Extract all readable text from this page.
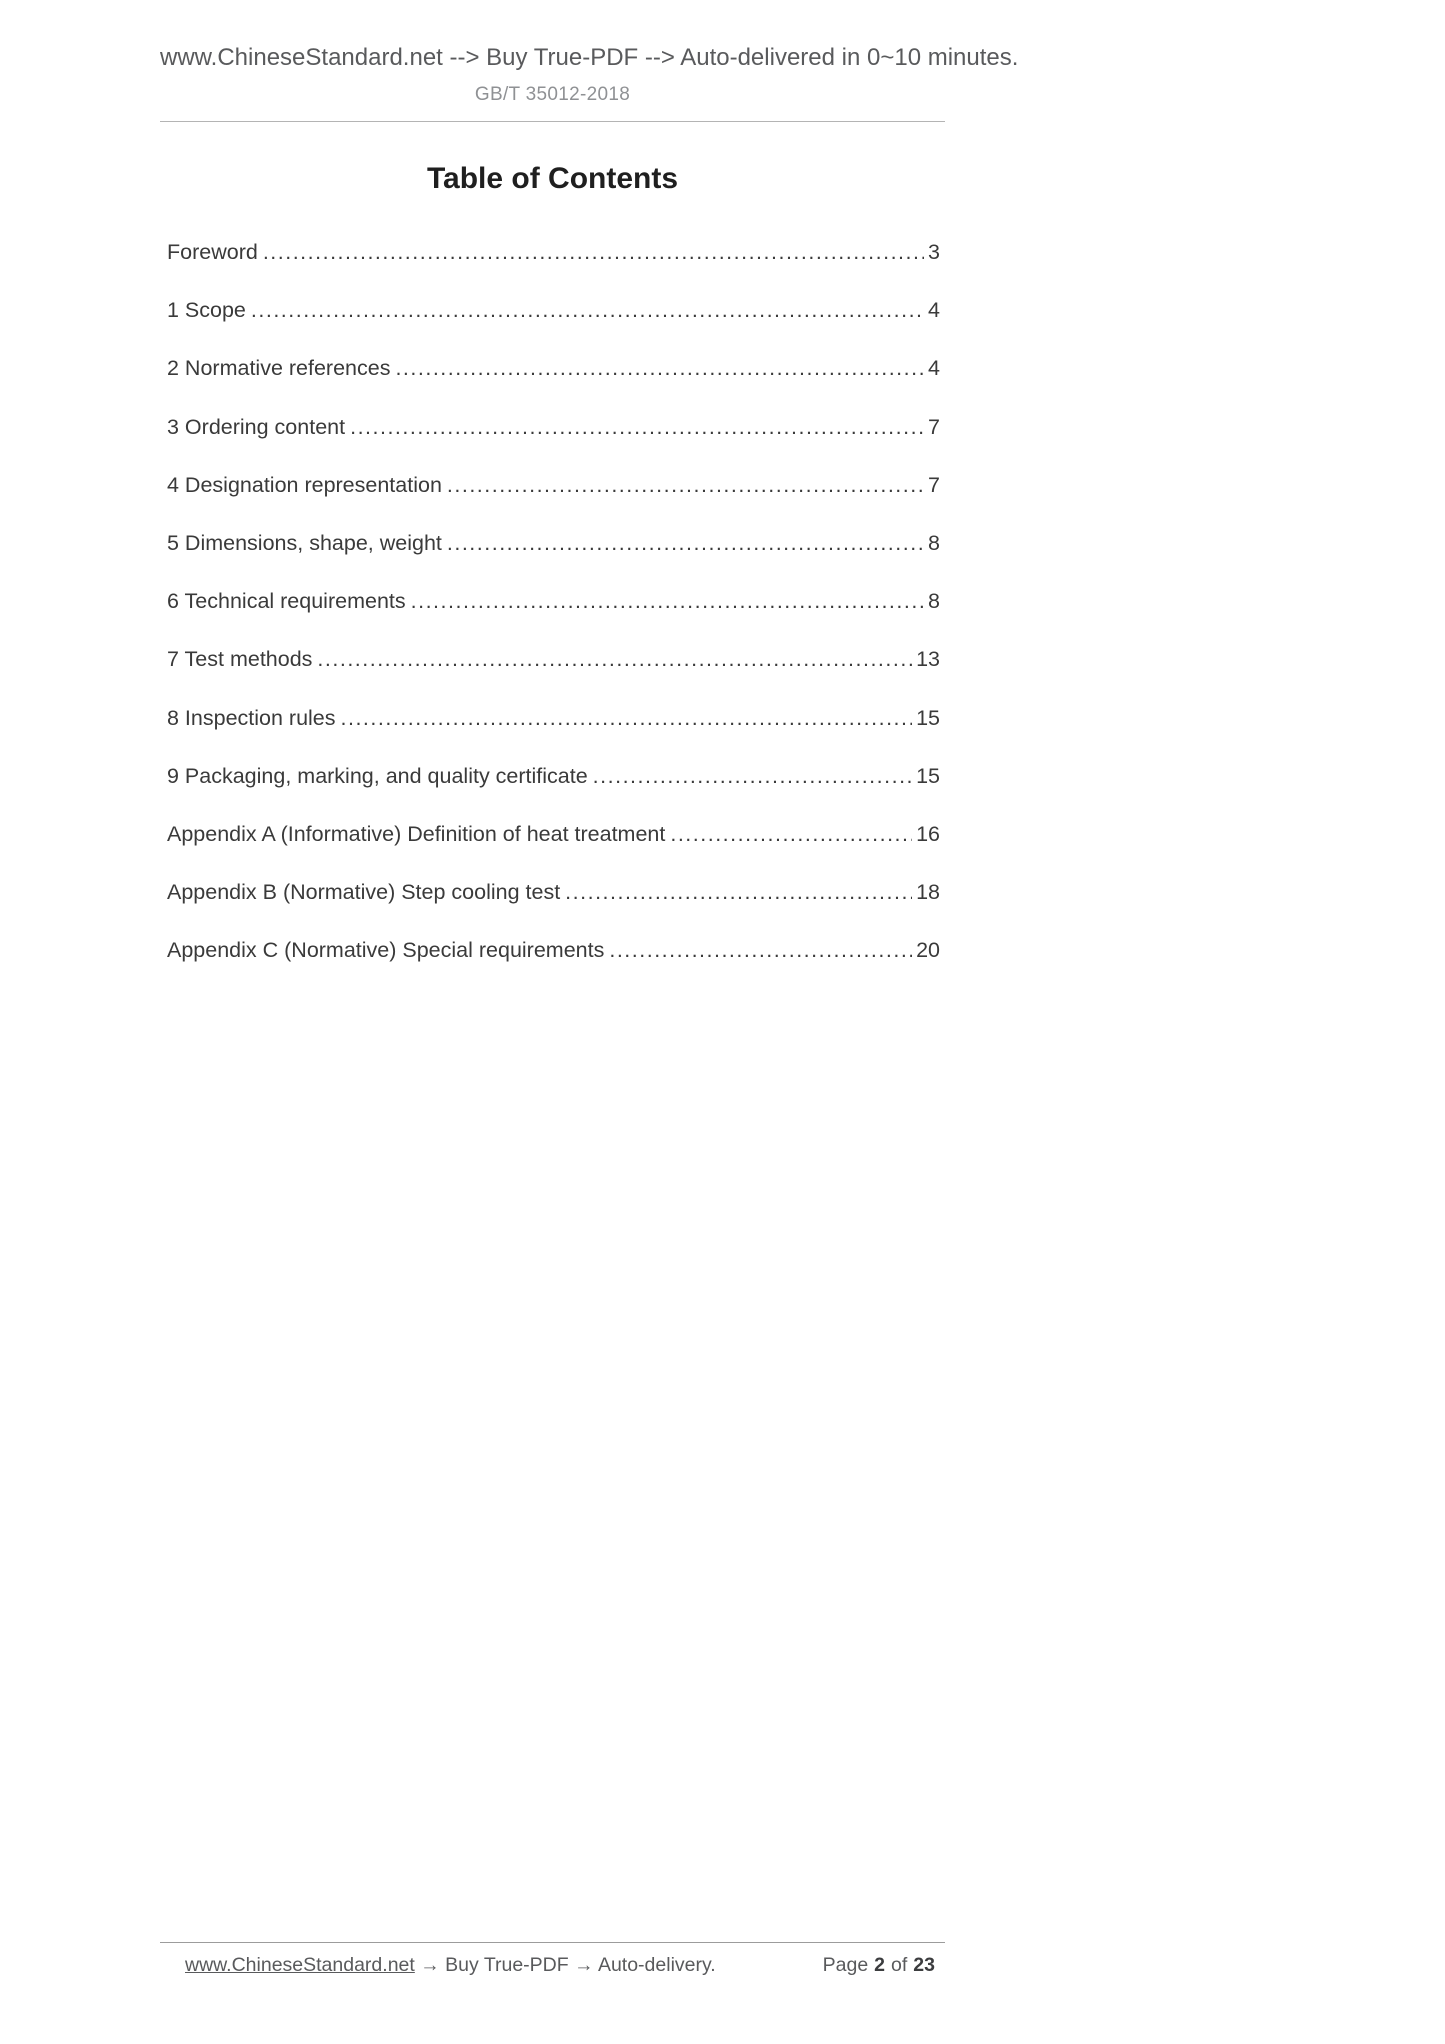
www.ChineseStandard.net --> Buy True-PDF --> Auto-delivered in 0~10 minutes.
GB/T 35012-2018
Table of Contents
Foreword .....	3
1 Scope .....	4
2 Normative references .....	4
3 Ordering content .....	7
4 Designation representation .....	7
5 Dimensions, shape, weight .....	8
6 Technical requirements .....	8
7 Test methods .....	13
8 Inspection rules .....	15
9 Packaging, marking, and quality certificate .....	15
Appendix A (Informative) Definition of heat treatment .....	16
Appendix B (Normative) Step cooling test .....	18
Appendix C (Normative) Special requirements .....	20
www.ChineseStandard.net → Buy True-PDF → Auto-delivery.	Page 2 of 23
